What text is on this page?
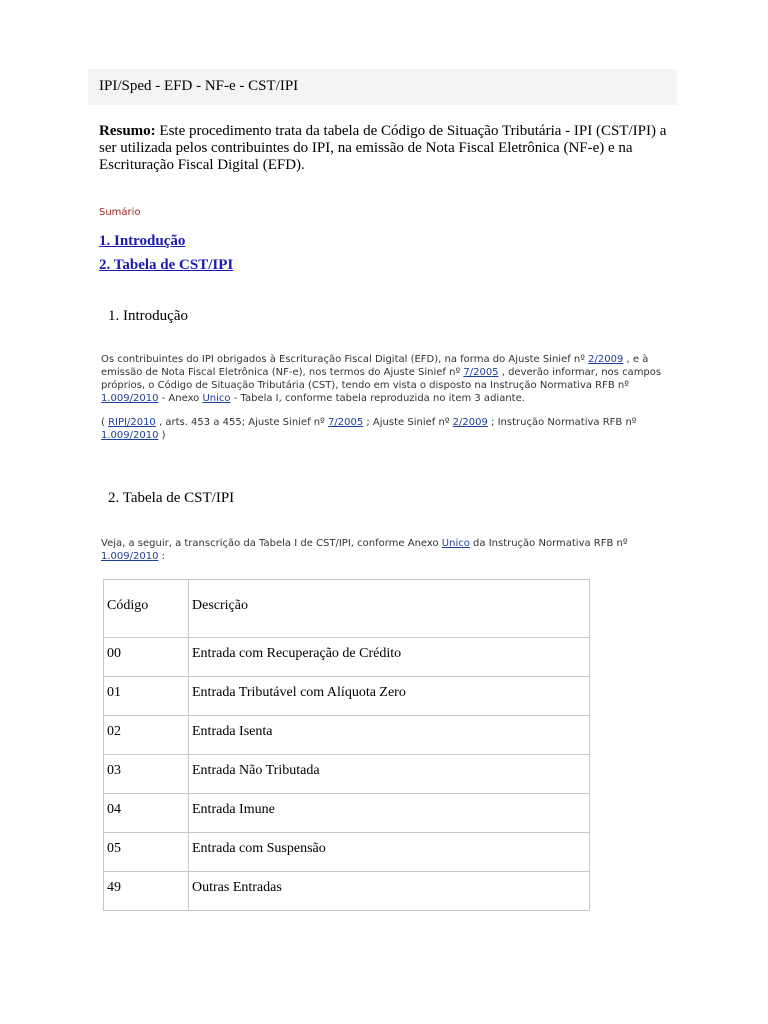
IPI/Sped - EFD - NF-e - CST/IPI
Resumo: Este procedimento trata da tabela de Código de Situação Tributária - IPI (CST/IPI) a ser utilizada pelos contribuintes do IPI, na emissão de Nota Fiscal Eletrônica (NF-e) e na Escrituração Fiscal Digital (EFD).
Sumário
1. Introdução
2. Tabela de CST/IPI
1. Introdução
Os contribuintes do IPI obrigados à Escrituração Fiscal Digital (EFD), na forma do Ajuste Sinief nº 2/2009 , e à emissão de Nota Fiscal Eletrônica (NF-e), nos termos do Ajuste Sinief nº 7/2005 , deverão informar, nos campos próprios, o Código de Situação Tributária (CST), tendo em vista o disposto na Instrução Normativa RFB nº 1.009/2010 - Anexo Unico - Tabela I, conforme tabela reproduzida no item 3 adiante.
( RIPI/2010 , arts. 453 a 455; Ajuste Sinief nº 7/2005 ; Ajuste Sinief nº 2/2009 ; Instrução Normativa RFB nº 1.009/2010 )
2. Tabela de CST/IPI
Veja, a seguir, a transcrição da Tabela I de CST/IPI, conforme Anexo Unico da Instrução Normativa RFB nº 1.009/2010 :
Código	Descrição
00	Entrada com Recuperação de Crédito
01	Entrada Tributável com Alíquota Zero
02	Entrada Isenta
03	Entrada Não Tributada
04	Entrada Imune
05	Entrada com Suspensão
49	Outras Entradas
